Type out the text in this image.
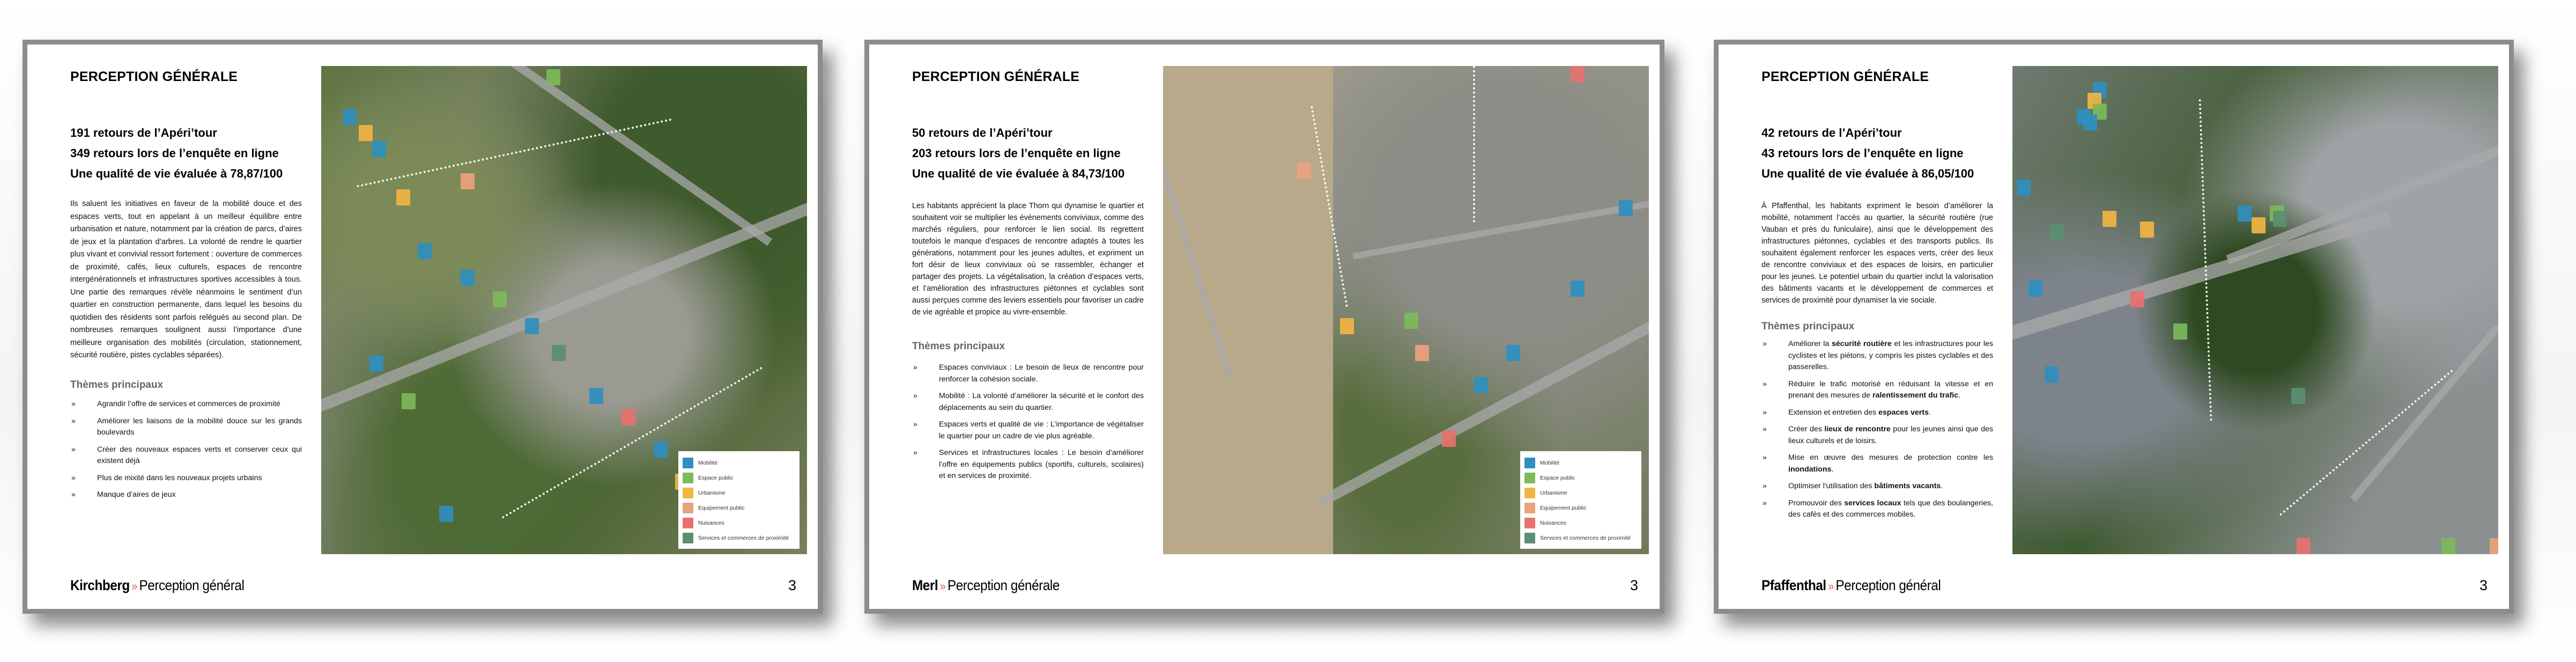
PERCEPTION GÉNÉRALE
191 retours de l’Apéri’tour
349 retours lors de l’enquête en ligne
Une qualité de vie évaluée à 78,87/100
Ils saluent les initiatives en faveur de la mobilité douce et des espaces verts, tout en appelant à un meilleur équilibre entre urbanisation et nature, notamment par la création de parcs, d’aires de jeux et la plantation d’arbres. La volonté de rendre le quartier plus vivant et convivial ressort fortement : ouverture de commerces de proximité, cafés, lieux culturels, espaces de rencontre intergénérationnels et infrastructures sportives accessibles à tous. Une partie des remarques révèle néanmoins le sentiment d’un quartier en construction permanente, dans lequel les besoins du quotidien des résidents sont parfois relégués au second plan. De nombreuses remarques soulignent aussi l’importance d’une meilleure organisation des mobilités (circulation, stationnement, sécurité routière, pistes cyclables séparées).
Thèmes principaux
»	Agrandir l’offre de services et commerces de proximité
»	Améliorer les liaisons de la mobilité douce sur les grands boulevards
»	Créer des nouveaux espaces verts et conserver ceux qui existent déjà
»	Plus de mixité dans les nouveaux projets urbains
»	Manque d’aires de jeux
Mobilité
Espace public
Urbanisme
Equipement public
Nuisances
Services et commerces de proximité
Kirchberg » Perception général	3
PERCEPTION GÉNÉRALE
50 retours de l’Apéri’tour
203 retours lors de l’enquête en ligne
Une qualité de vie évaluée à 84,73/100
Les habitants apprécient la place Thorn qui dynamise le quartier et souhaitent voir se multiplier les événements conviviaux, comme des marchés réguliers, pour renforcer le lien social. Ils regrettent toutefois le manque d’espaces de rencontre adaptés à toutes les générations, notamment pour les jeunes adultes, et expriment un fort désir de lieux conviviaux où se rassembler, échanger et partager des projets. La végétalisation, la création d’espaces verts, et l’amélioration des infrastructures piétonnes et cyclables sont aussi perçues comme des leviers essentiels pour favoriser un cadre de vie agréable et propice au vivre-ensemble.
Thèmes principaux
»	Espaces conviviaux : Le besoin de lieux de rencontre pour renforcer la cohésion sociale.
»	Mobilité : La volonté d’améliorer la sécurité et le confort des déplacements au sein du quartier.
»	Espaces verts et qualité de vie : L’importance de végétaliser le quartier pour un cadre de vie plus agréable.
»	Services et infrastructures locales : Le besoin d’améliorer l’offre en équipements publics (sportifs, culturels, scolaires) et en services de proximité.
Mobilité
Espace public
Urbanisme
Equipement public
Nuisances
Services et commerces de proximité
Merl » Perception générale	3
PERCEPTION GÉNÉRALE
42 retours de l’Apéri’tour
43 retours lors de l’enquête en ligne
Une qualité de vie évaluée à 86,05/100
À Pfaffenthal, les habitants expriment le besoin d’améliorer la mobilité, notamment l’accès au quartier, la sécurité routière (rue Vauban et près du funiculaire), ainsi que le développement des infrastructures piétonnes, cyclables et des transports publics. Ils souhaitent également renforcer les espaces verts, créer des lieux de rencontre conviviaux et des espaces de loisirs, en particulier pour les jeunes. Le potentiel urbain du quartier inclut la valorisation des bâtiments vacants et le développement de commerces et services de proximité pour dynamiser la vie sociale.
Thèmes principaux
»	Améliorer la sécurité routière et les infrastructures pour les cyclistes et les piétons, y compris les pistes cyclables et des passerelles.
»	Réduire le trafic motorisé en réduisant la vitesse et en prenant des mesures de ralentissement du trafic.
»	Extension et entretien des espaces verts.
»	Créer des lieux de rencontre pour les jeunes ainsi que des lieux culturels et de loisirs.
»	Mise en œuvre des mesures de protection contre les inondations.
»	Optimiser l'utilisation des bâtiments vacants.
»	Promouvoir des services locaux tels que des boulangeries, des cafés et des commerces mobiles.
Pfaffenthal » Perception général	3
